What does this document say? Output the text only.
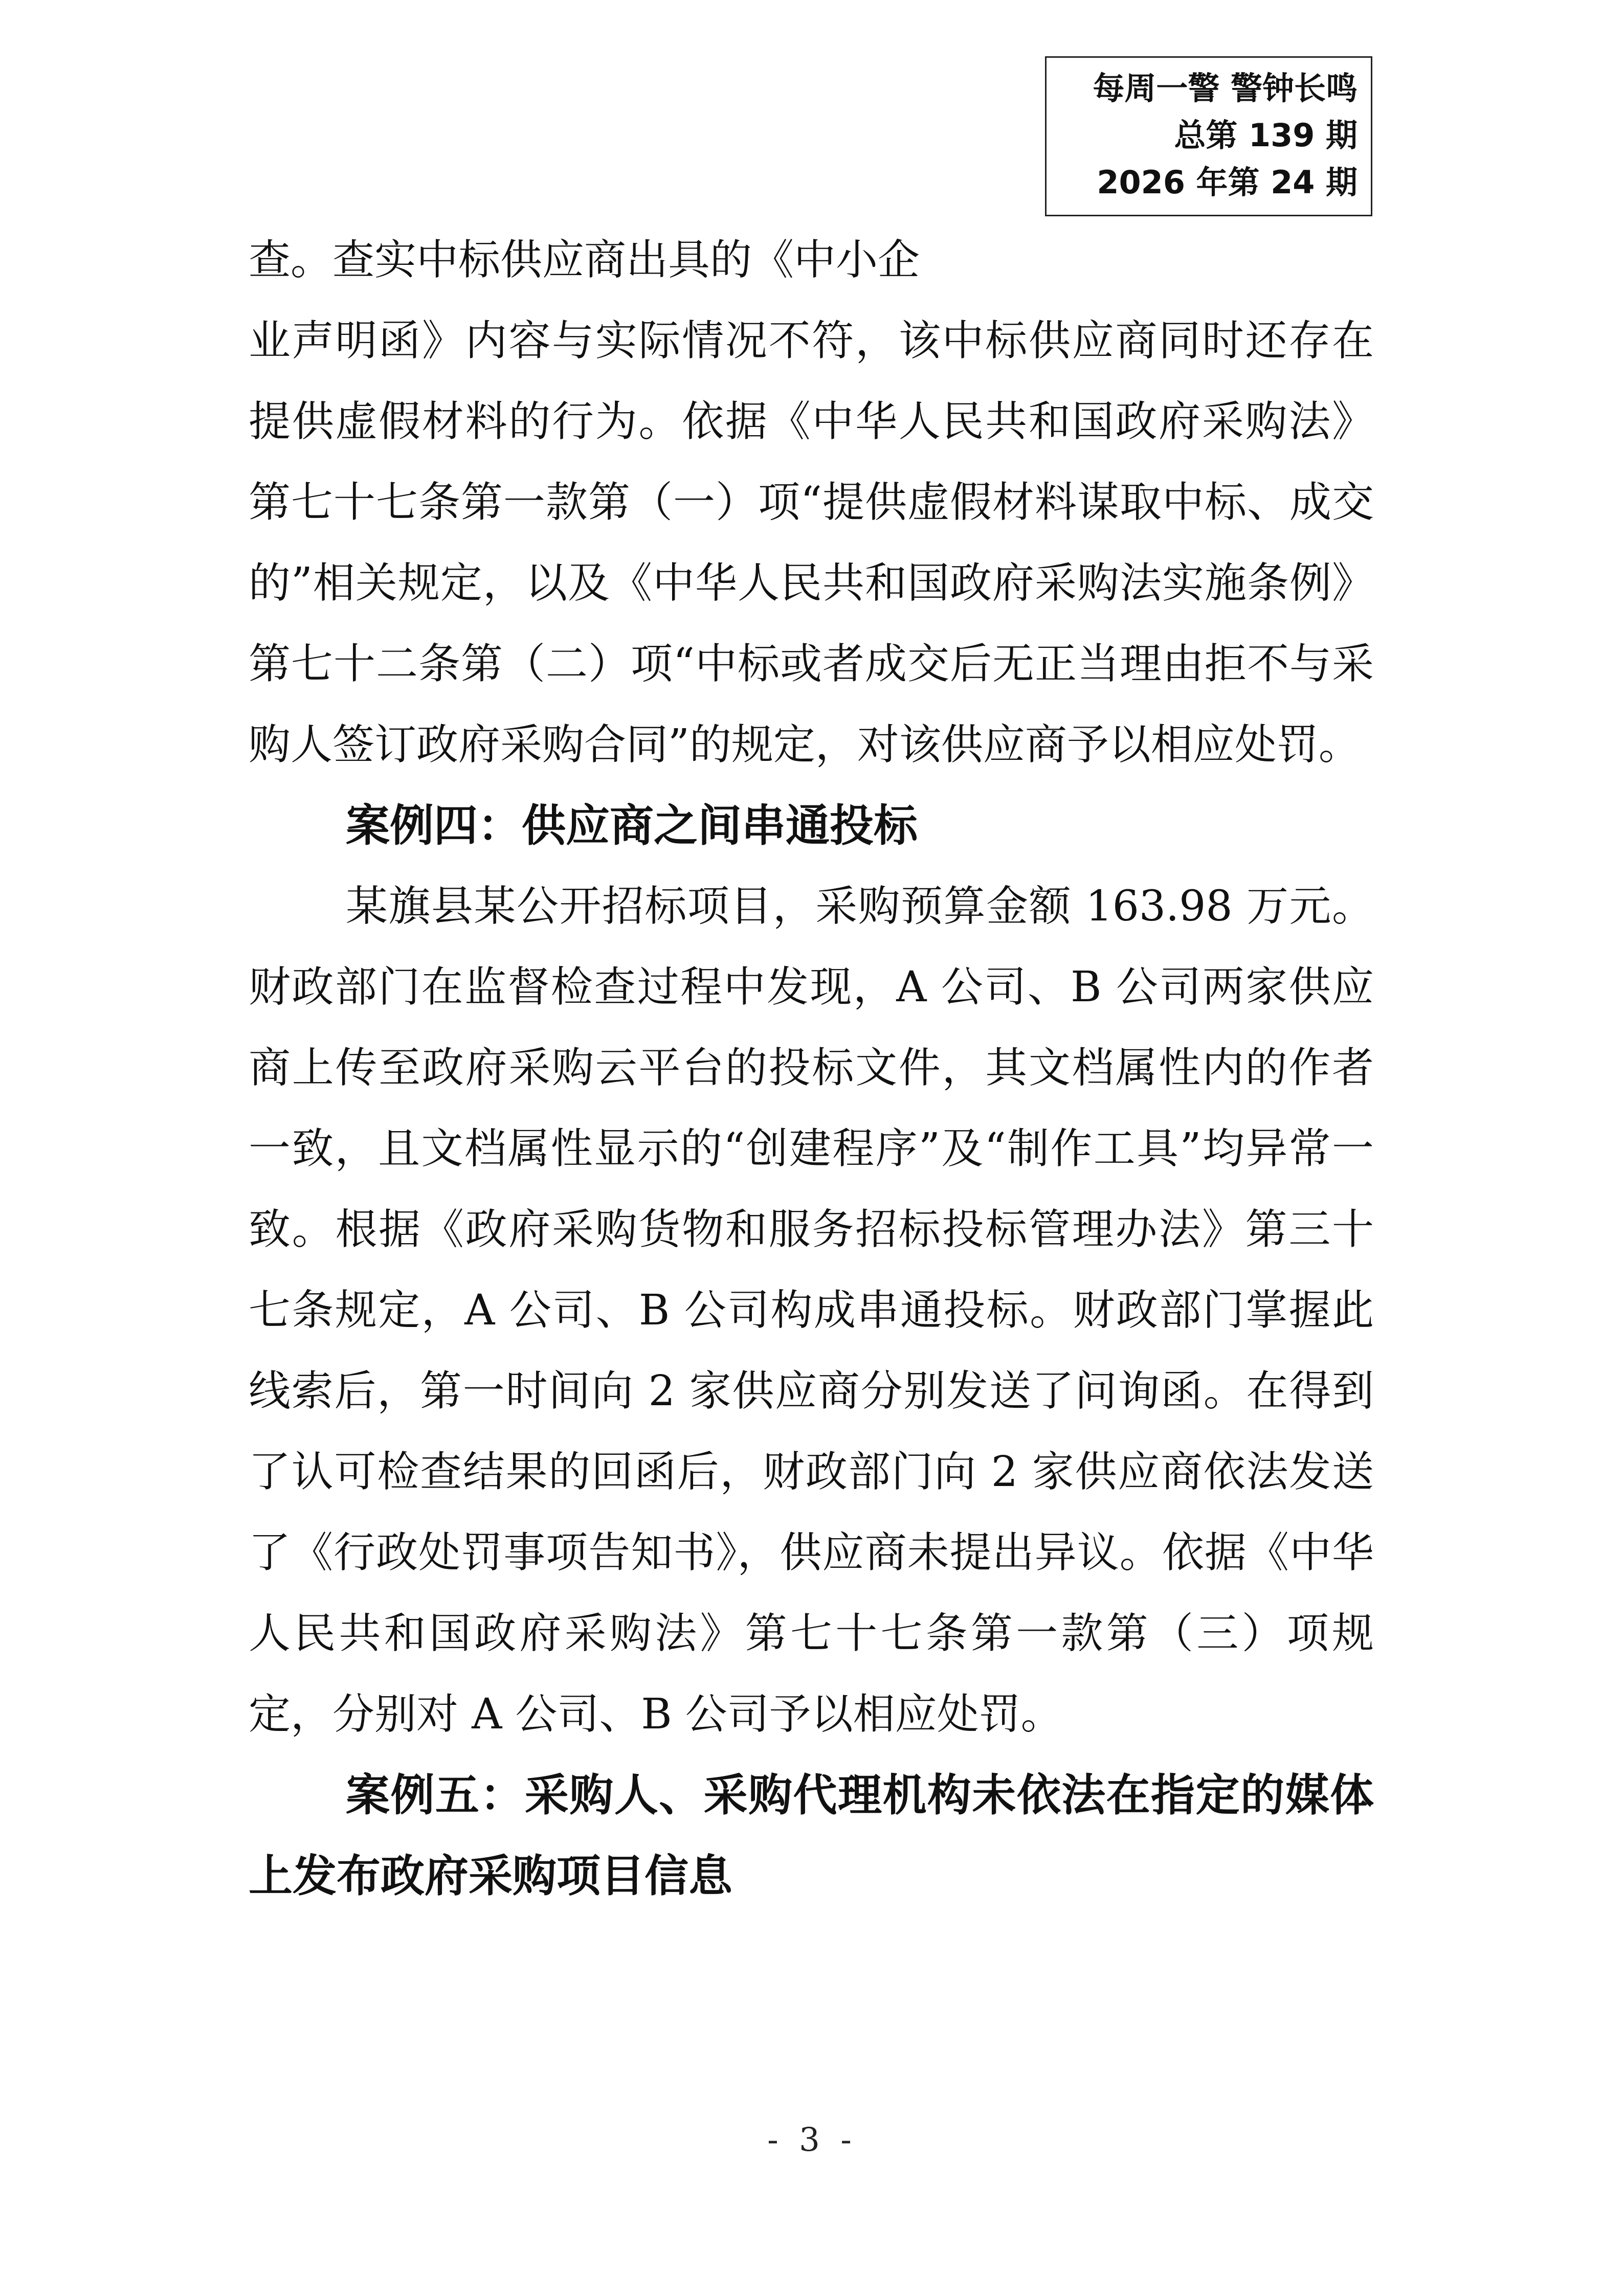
每周一警 警钟长鸣
总第 139 期
2026 年第 24 期

查。查实中标供应商出具的《中小企

业声明函》内容与实际情况不符，该中标供应商同时还存在提供虚假材料的行为。依据《中华人民共和国政府采购法》第七十七条第一款第（一）项“提供虚假材料谋取中标、成交的”相关规定，以及《中华人民共和国政府采购法实施条例》第七十二条第（二）项“中标或者成交后无正当理由拒不与采购人签订政府采购合同”的规定，对该供应商予以相应处罚。

案例四：供应商之间串通投标

某旗县某公开招标项目，采购预算金额 163.98 万元。财政部门在监督检查过程中发现，A 公司、B 公司两家供应商上传至政府采购云平台的投标文件，其文档属性内的作者一致，且文档属性显示的“创建程序”及“制作工具”均异常一致。根据《政府采购货物和服务招标投标管理办法》第三十七条规定，A 公司、B 公司构成串通投标。财政部门掌握此线索后，第一时间向 2 家供应商分别发送了问询函。在得到了认可检查结果的回函后，财政部门向 2 家供应商依法发送了《行政处罚事项告知书》，供应商未提出异议。依据《中华人民共和国政府采购法》第七十七条第一款第（三）项规定，分别对 A 公司、B 公司予以相应处罚。

案例五：采购人、采购代理机构未依法在指定的媒体上发布政府采购项目信息

- 3 -
